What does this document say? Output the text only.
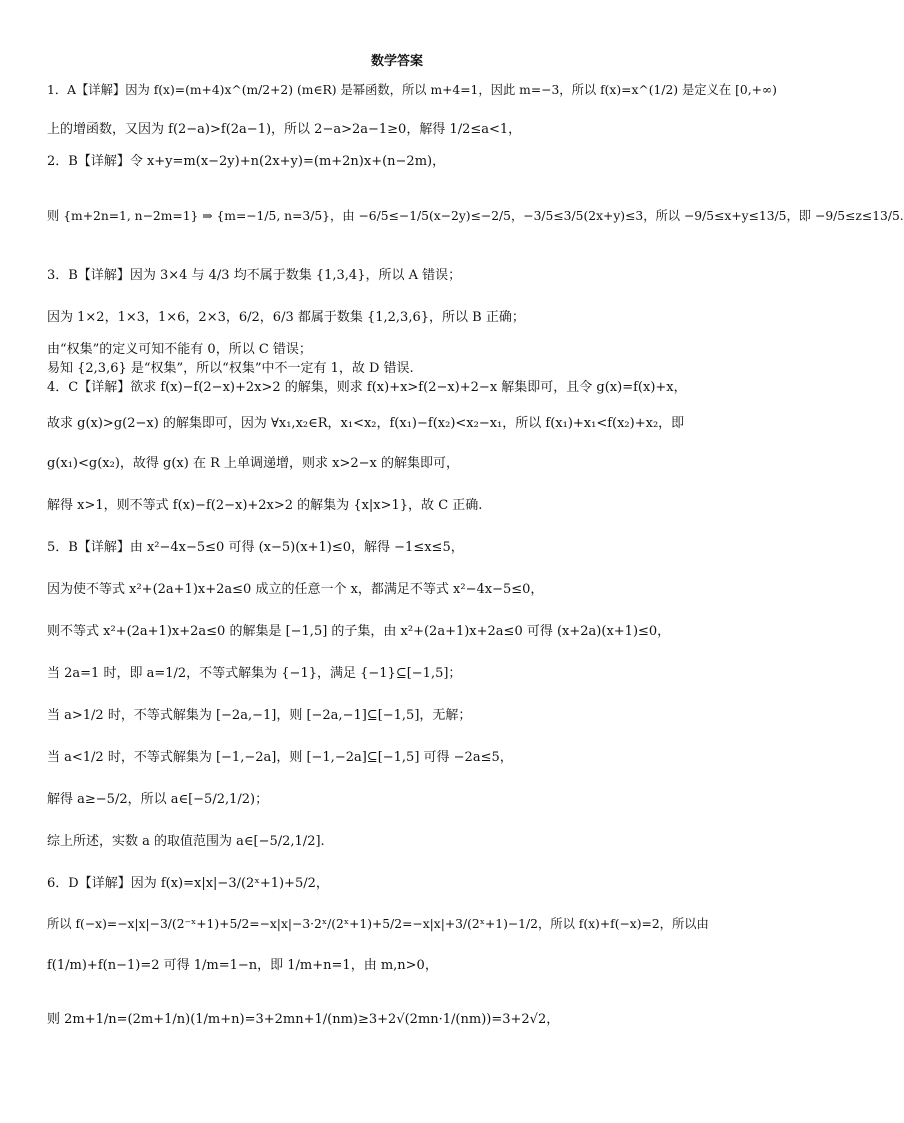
数学答案
1．A【详解】因为 f(x)=(m+4)x^(m/2+2) (m∈R) 是幂函数，所以 m+4=1，因此 m=−3，所以 f(x)=x^(1/2) 是定义在 [0,+∞)
上的增函数，又因为 f(2−a)>f(2a−1)，所以 2−a>2a−1≥0，解得 1/2≤a<1，
2．B【详解】令 x+y=m(x−2y)+n(2x+y)=(m+2n)x+(n−2m)，
则 {m+2n=1, n−2m=1} ⇒ {m=−1/5, n=3/5}，由 −6/5≤−1/5(x−2y)≤−2/5，−3/5≤3/5(2x+y)≤3，所以 −9/5≤x+y≤13/5，即 −9/5≤z≤13/5.
3．B【详解】因为 3×4 与 4/3 均不属于数集 {1,3,4}，所以 A 错误；
因为 1×2，1×3，1×6，2×3，6/2，6/3 都属于数集 {1,2,3,6}，所以 B 正确；
由“权集”的定义可知不能有 0，所以 C 错误；
易知 {2,3,6} 是“权集”，所以“权集”中不一定有 1，故 D 错误.
4．C【详解】欲求 f(x)−f(2−x)+2x>2 的解集，则求 f(x)+x>f(2−x)+2−x 解集即可，且令 g(x)=f(x)+x，
故求 g(x)>g(2−x) 的解集即可，因为 ∀x₁,x₂∈R，x₁<x₂，f(x₁)−f(x₂)<x₂−x₁，所以 f(x₁)+x₁<f(x₂)+x₂，即
g(x₁)<g(x₂)，故得 g(x) 在 R 上单调递增，则求 x>2−x 的解集即可，
解得 x>1，则不等式 f(x)−f(2−x)+2x>2 的解集为 {x|x>1}，故 C 正确.
5．B【详解】由 x²−4x−5≤0 可得 (x−5)(x+1)≤0，解得 −1≤x≤5，
因为使不等式 x²+(2a+1)x+2a≤0 成立的任意一个 x，都满足不等式 x²−4x−5≤0，
则不等式 x²+(2a+1)x+2a≤0 的解集是 [−1,5] 的子集，由 x²+(2a+1)x+2a≤0 可得 (x+2a)(x+1)≤0，
当 2a=1 时，即 a=1/2，不等式解集为 {−1}，满足 {−1}⊆[−1,5]；
当 a>1/2 时，不等式解集为 [−2a,−1]，则 [−2a,−1]⊆[−1,5]，无解；
当 a<1/2 时，不等式解集为 [−1,−2a]，则 [−1,−2a]⊆[−1,5] 可得 −2a≤5，
解得 a≥−5/2，所以 a∈[−5/2,1/2)；
综上所述，实数 a 的取值范围为 a∈[−5/2,1/2].
6．D【详解】因为 f(x)=x|x|−3/(2ˣ+1)+5/2，
所以 f(−x)=−x|x|−3/(2⁻ˣ+1)+5/2=−x|x|−3·2ˣ/(2ˣ+1)+5/2=−x|x|+3/(2ˣ+1)−1/2，所以 f(x)+f(−x)=2，所以由
f(1/m)+f(n−1)=2 可得 1/m=1−n，即 1/m+n=1，由 m,n>0，
则 2m+1/n=(2m+1/n)(1/m+n)=3+2mn+1/(nm)≥3+2√(2mn·1/(nm))=3+2√2，
